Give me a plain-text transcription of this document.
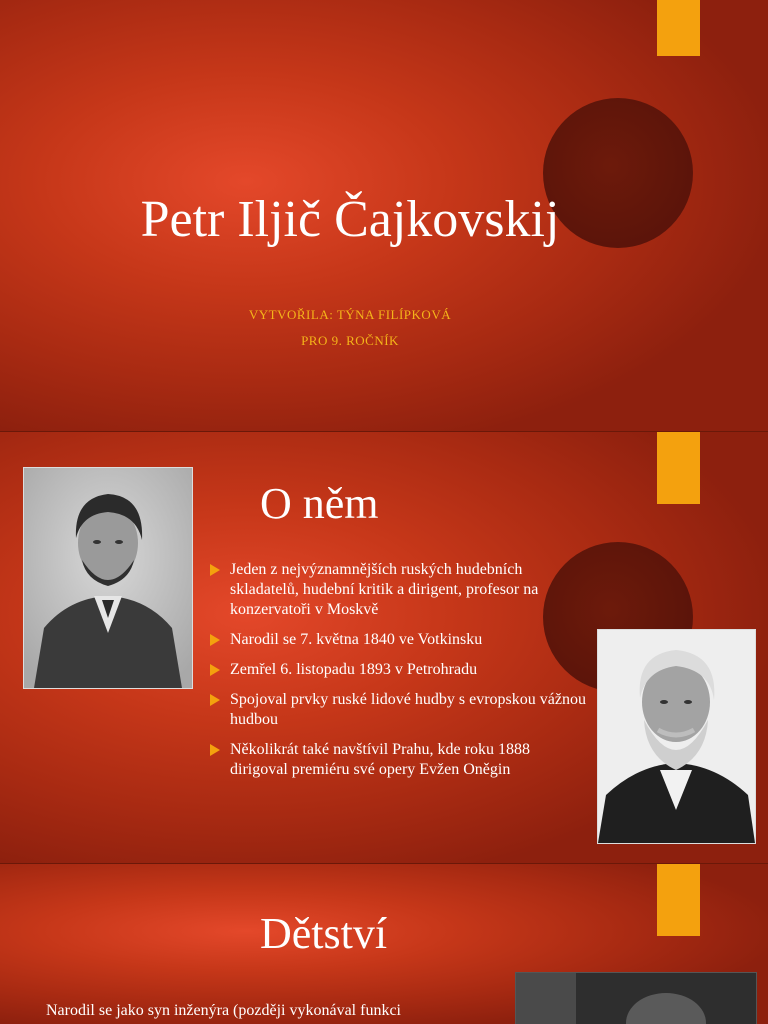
Petr Iljič Čajkovskij
VYTVOŘILA: TÝNA FILÍPKOVÁ
PRO 9. ROČNÍK
O něm
Jeden z nejvýznamnějších ruských hudebních skladatelů, hudební kritik a dirigent, profesor na konzervatoři v Moskvě
Narodil se 7. května 1840 ve Votkinsku
Zemřel 6. listopadu 1893 v Petrohradu
Spojoval prvky ruské lidové hudby s evropskou vážnou hudbou
Několikrát také navštívil Prahu, kde roku 1888 dirigoval premiéru své opery Evžen Oněgin
Dětství
Narodil se jako syn inženýra (později vykonával funkci
